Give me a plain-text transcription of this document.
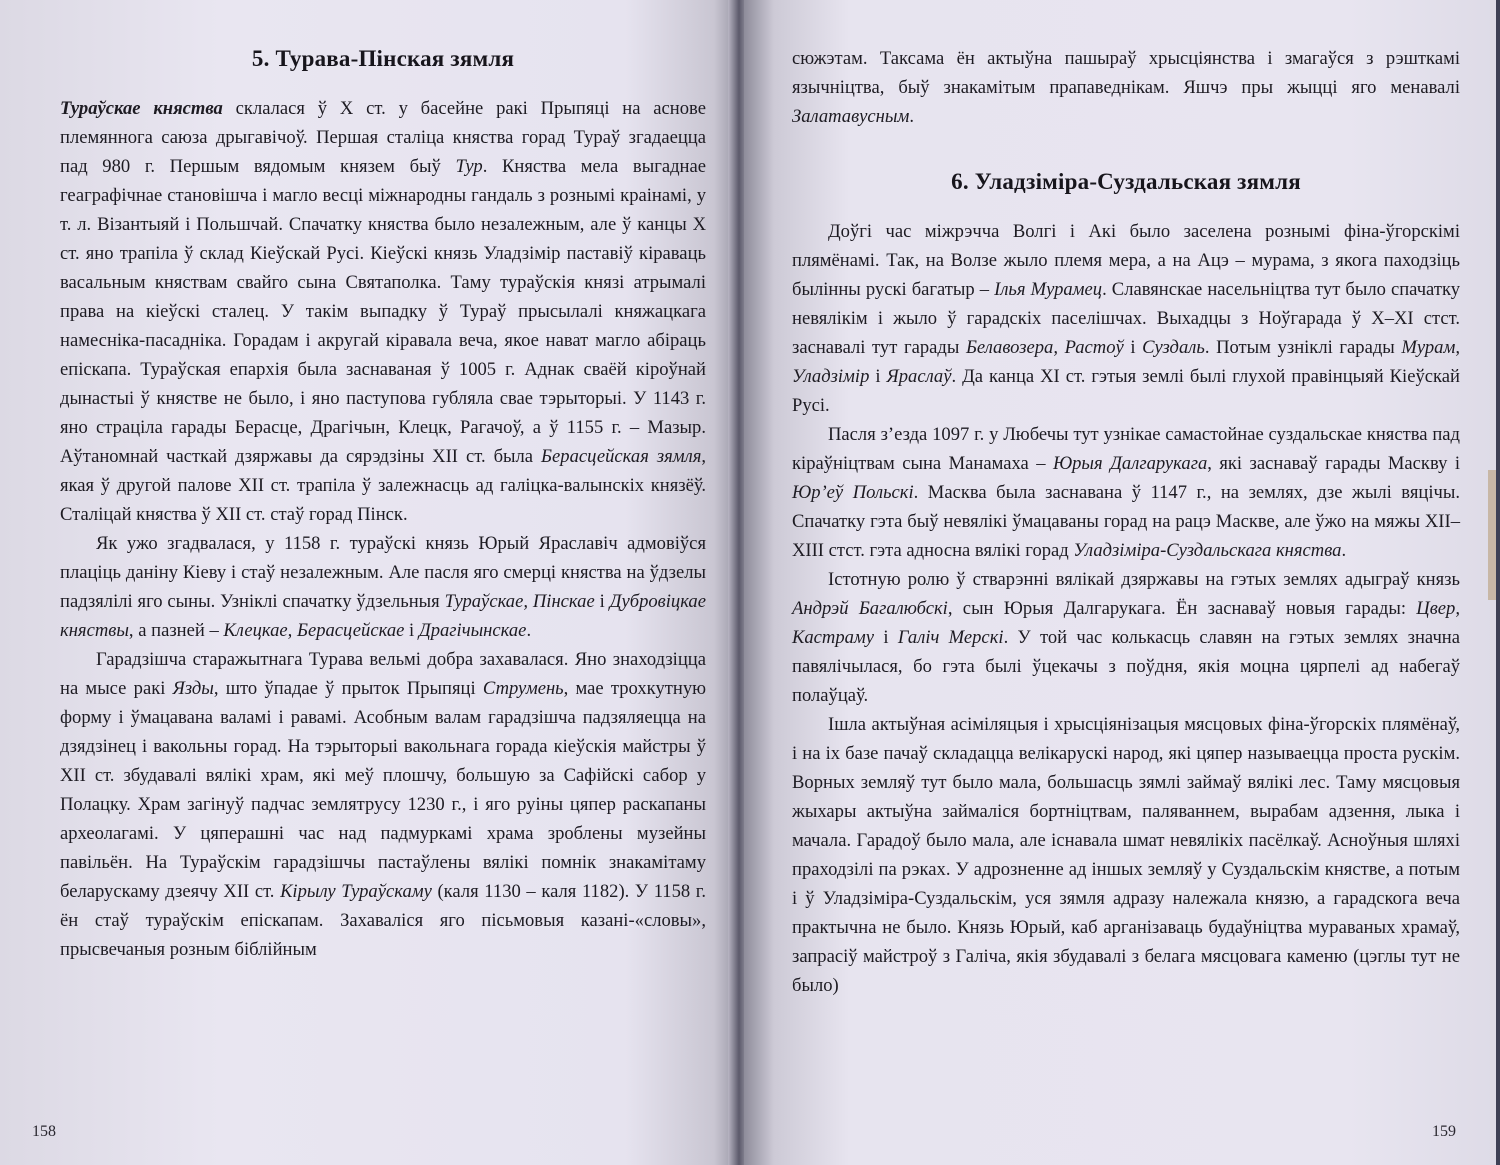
5. Турава-Пінская зямля

Тураўскае княства склалася ў X ст. у басейне ракі Прыпяці на аснове племяннога саюза дрыгавічоў. Першая сталіца княства горад Тураў згадаецца пад 980 г. Першым вядомым князем быў Тур. Княства мела выгаднае геаграфічнае становішча і магло весці міжнародны гандаль з рознымі краінамі, у т. л. Візантыяй і Польшчай. Спачатку княства было незалежным, але ў канцы X ст. яно трапіла ў склад Кіеўскай Русі. Кіеўскі князь Уладзімір паставіў кіраваць васальным княствам свайго сына Святаполка. Таму тураўскія князі атрымалі права на кіеўскі сталец. У такім выпадку ў Тураў прысылалі княжацкага намесніка-пасадніка. Горадам і акругай кіравала веча, якое нават магло абіраць епіскапа. Тураўская епархія была заснаваная ў 1005 г. Аднак сваёй кіроўнай дынастыі ў княстве не было, і яно паступова губляла свае тэрыторыі. У 1143 г. яно страціла гарады Берасце, Драгічын, Клецк, Рагачоў, а ў 1155 г. – Мазыр. Аўтаномнай часткай дзяржавы да сярэдзіны XII ст. была Берасцейская зямля, якая ў другой палове XII ст. трапіла ў залежнасць ад галіцка-валынскіх князёў. Сталіцай княства ў XII ст. стаў горад Пінск.

Як ужо згадвалася, у 1158 г. тураўскі князь Юрый Яраславіч адмовіўся плаціць даніну Кіеву і стаў незалежным. Але пасля яго смерці княства на ўдзелы падзялілі яго сыны. Узніклі спачатку ўдзельныя Тураўскае, Пінскае і Дубровіцкае княствы, а пазней – Клецкае, Берасцейскае і Драгічынскае.

Гарадзішча старажытнага Турава вельмі добра захавалася. Яно знаходзіцца на мысе ракі Язды, што ўпадае ў прыток Прыпяці Струмень, мае трохкутную форму і ўмацавана валамі і равамі. Асобным валам гарадзішча падзяляецца на дзядзінец і вакольны горад. На тэрыторыі вакольнага горада кіеўскія майстры ў XII ст. збудавалі вялікі храм, які меў плошчу, большую за Сафійскі сабор у Полацку. Храм загінуў падчас землятрусу 1230 г., і яго руіны цяпер раскапаны археолагамі. У цяперашні час над падмуркамі храма зроблены музейны павільён. На Тураўскім гарадзішчы пастаўлены вялікі помнік знакамітаму беларускаму дзеячу XII ст. Кірылу Тураўскаму (каля 1130 – каля 1182). У 1158 г. ён стаў тураўскім епіскапам. Захаваліся яго пісьмовыя казані-«словы», прысвечаныя розным біблійным

158

сюжэтам. Таксама ён актыўна пашыраў хрысціянства і змагаўся з рэшткамі язычніцтва, быў знакамітым прапаведнікам. Яшчэ пры жыцці яго менавалі Залатавусным.

6. Уладзіміра-Суздальская зямля

Доўгі час міжрэчча Волгі і Акі было заселена рознымі фіна-ўгорскімі плямёнамі. Так, на Волзе жыло племя мера, а на Ацэ – мурама, з якога паходзіць былінны рускі багатыр – Ілья Мурамец. Славянскае насельніцтва тут было спачатку невялікім і жыло ў гарадскіх паселішчах. Выхадцы з Ноўгарада ў X–XI стст. заснавалі тут гарады Белавозера, Растоў і Суздаль. Потым узніклі гарады Мурам, Уладзімір і Яраслаў. Да канца XI ст. гэтыя землі былі глухой правінцыяй Кіеўскай Русі.

Пасля з’езда 1097 г. у Любечы тут узнікае самастойнае суздальскае княства пад кіраўніцтвам сына Манамаха – Юрыя Далгарукага, які заснаваў гарады Маскву і Юр’еў Польскі. Масква была заснавана ў 1147 г., на землях, дзе жылі вяцічы. Спачатку гэта быў невялікі ўмацаваны горад на рацэ Маскве, але ўжо на мяжы XII–XIII стст. гэта адносна вялікі горад Уладзіміра-Суздальскага княства.

Істотную ролю ў стварэнні вялікай дзяржавы на гэтых землях адыграў князь Андрэй Багалюбскі, сын Юрыя Далгарукага. Ён заснаваў новыя гарады: Цвер, Кастраму і Галіч Мерскі. У той час колькасць славян на гэтых землях значна павялічылася, бо гэта былі ўцекачы з поўдня, якія моцна цярпелі ад набегаў полаўцаў.

Ішла актыўная асіміляцыя і хрысціянізацыя мясцовых фіна-ўгорскіх плямёнаў, і на іх базе пачаў складацца велікарускі народ, які цяпер называецца проста рускім. Ворных земляў тут было мала, большасць зямлі займаў вялікі лес. Таму мясцовыя жыхары актыўна займаліся бортніцтвам, паляваннем, вырабам адзення, лыка і мачала. Гарадоў было мала, але існавала шмат невялікіх пасёлкаў. Асноўныя шляхі праходзілі па рэках. У адрозненне ад іншых земляў у Суздальскім княстве, а потым і ў Уладзіміра-Суздальскім, уся зямля адразу належала князю, а гарадскога веча практычна не было. Князь Юрый, каб арганізаваць будаўніцтва мураваных храмаў, запрасіў майстроў з Галіча, якія збудавалі з белага мясцовага каменю (цэглы тут не было)

159
